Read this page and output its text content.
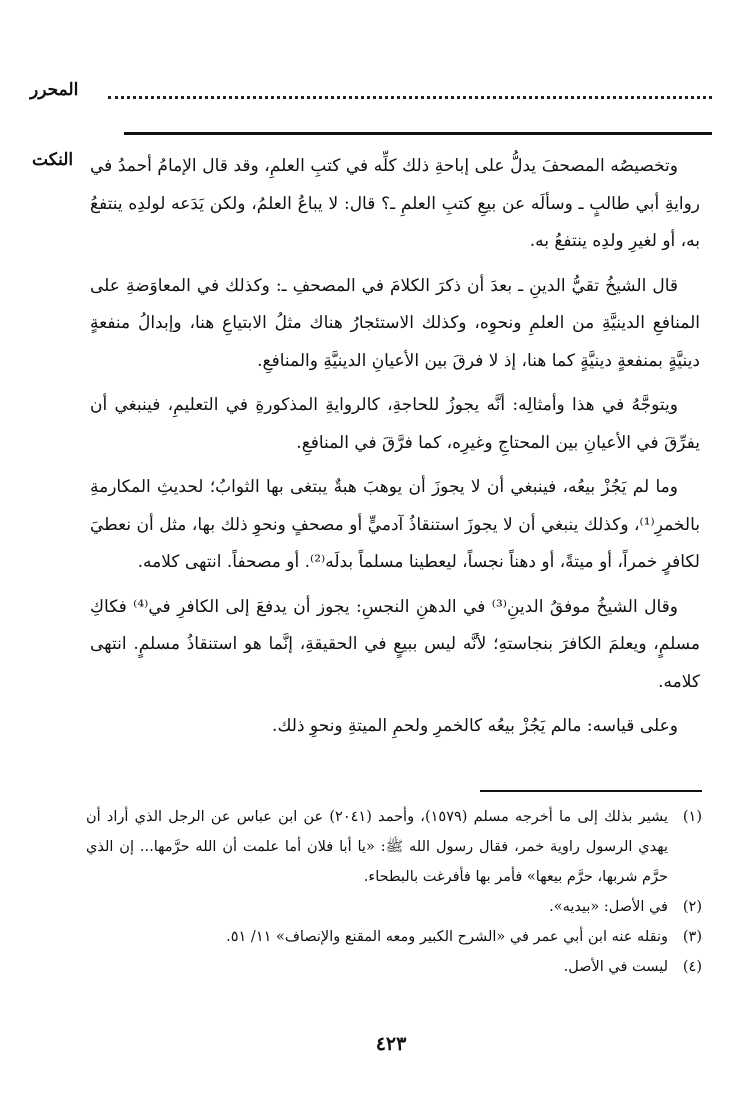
المحرر
النكت وتخصيصُه المصحفَ يدلُّ على إباحةِ ذلك كلِّه في كتبِ العلمِ، وقد قال الإمامُ أحمدُ في روايةِ أبي طالبٍ ـ وسألَه عن بيعِ كتبِ العلمِ ـ؟ قال: لا يباعُ العلمُ، ولكن يَدَعه لولدِه ينتفعُ به، أو لغيرِ ولدِه ينتفعُ به.

قال الشيخُ تقيُّ الدينِ ـ بعدَ أن ذكرَ الكلامَ في المصحفِ ـ: وكذلك في المعاوَضةِ على المنافعِ الدينيَّةِ من العلمِ ونحوِه، وكذلك الاستئجارُ هناك مثلُ الابتياعِ هنا، وإبدالُ منفعةٍ دينيَّةٍ بمنفعةٍ دينيَّةٍ كما هنا، إذ لا فرقَ بين الأعيانِ الدينيَّةِ والمنافعِ.

ويتوجَّهُ في هذا وأمثالِه: أنَّه يجوزُ للحاجةِ، كالروايةِ المذكورةِ في التعليمِ، فينبغي أن يفرِّقَ في الأعيانِ بين المحتاجِ وغيرِه، كما فرَّقَ في المنافعِ.

وما لم يَجُزْ بيعُه، فينبغي أن لا يجوزَ أن يوهبَ هبةٌ يبتغى بها الثوابُ؛ لحديثِ المكارمةِ بالخمرِ⁽¹⁾، وكذلك ينبغي أن لا يجوزَ استنقاذُ آدميٍّ أو مصحفٍ ونحوِ ذلك بها، مثل أن نعطيَ لكافرٍ خمراً، أو ميتةً، أو دهناً نجساً، ليعطينا مسلماً بدلَه⁽²⁾. أو مصحفاً. انتهى كلامه.

وقال الشيخُ موفقُ الدينِ⁽³⁾ في الدهنِ النجسِ: يجوز أن يدفعَ إلى الكافرِ في⁽⁴⁾ فكاكِ مسلمٍ، ويعلمَ الكافرَ بنجاستهِ؛ لأنَّه ليس ببيعٍ في الحقيقةِ، إنَّما هو استنقاذُ مسلمٍ. انتهى كلامه.

وعلى قياسه: مالم يَجُزْ بيعُه كالخمرِ ولحمِ الميتةِ ونحوِ ذلك.

(١)
يشير بذلك إلى ما أخرجه مسلم (١٥٧٩)، وأحمد (٢٠٤١) عن ابن عباس عن الرجل الذي أراد أن يهدي الرسول راوية خمر، فقال رسول الله ﷺ: «يا أبا فلان أما علمت أن الله حرَّمها... إن الذي حرَّم شربها، حرَّم بيعها» فأمر بها فأفرغت بالبطحاء.
(٢)
في الأصل: «بيديه».
(٣)
ونقله عنه ابن أبي عمر في «الشرح الكبير ومعه المقنع والإنصاف» ١١/ ٥١.
(٤)
ليست في الأصل.
٤٢٣
